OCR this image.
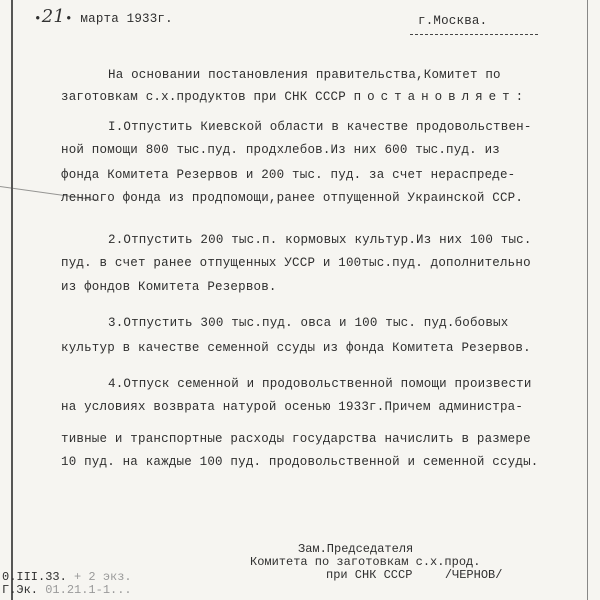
•21• марта 1933г.	г.Москва.
На основании постановления правительства,Комитет по
заготовкам с.х.продуктов при СНК СССР постановляет:
I.Отпустить Киевской области в качестве продовольствен-
ной помощи 800 тыс.пуд. продхлебов.Из них 600 тыс.пуд. из
фонда Комитета Резервов и 200 тыс. пуд. за счет нераспреде-
ленного фонда из продпомощи,ранее отпущенной Украинской ССР.
2.Отпустить 200 тыс.п. кормовых культур.Из них 100 тыс.
пуд. в счет ранее отпущенных УССР и 100тыс.пуд. дополнительно
из фондов Комитета Резервов.
3.Отпустить 300 тыс.пуд. овса и 100 тыс. пуд.бобовых
культур в качестве семенной ссуды из фонда Комитета Резервов.
4.Отпуск семенной и продовольственной помощи произвести
на условиях возврата натурой осенью 1933г.Причем администра-
тивные и транспортные расходы государства начислить в размере
10 пуд. на каждые 100 пуд. продовольственной и семенной ссуды.
Зам.Председателя
Комитета по заготовкам с.х.прод.
при СНК СССР	/ЧЕРНОВ/
0.III.33. + 2 экз.
Г.Эк. 01.21.1-1...
